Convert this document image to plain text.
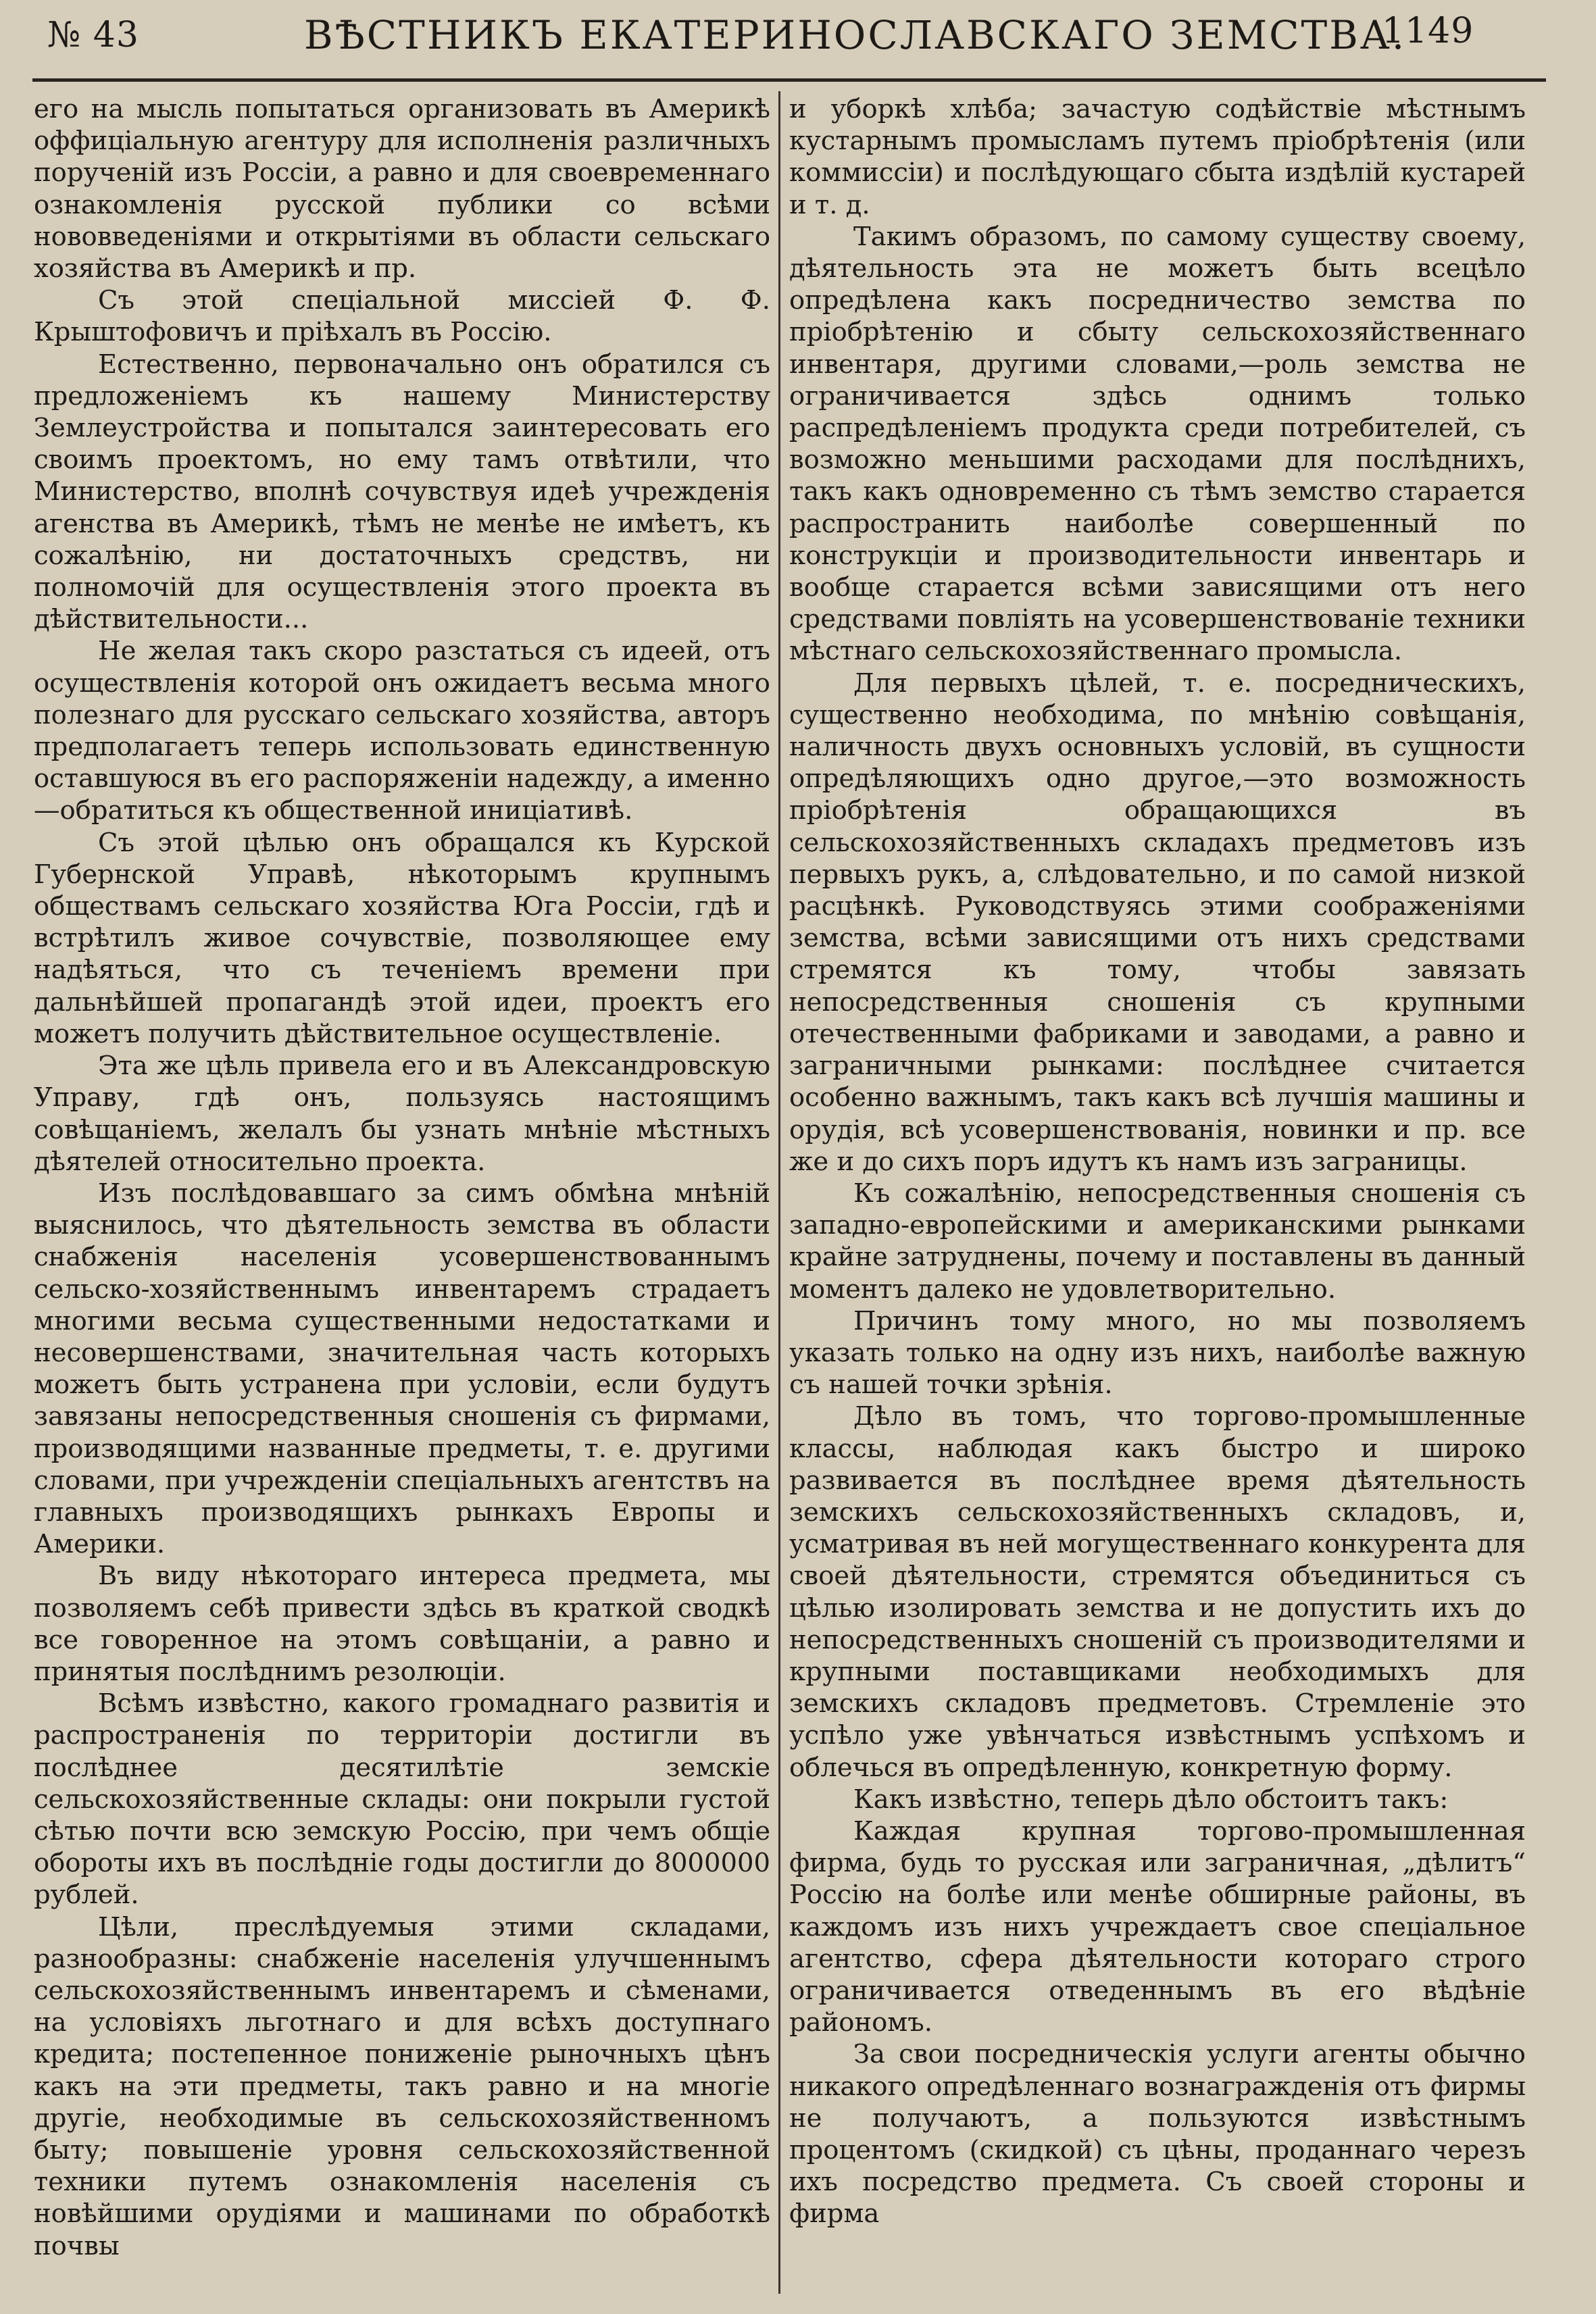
№ 43	ВѢСТНИКЪ ЕКАТЕРИНОСЛАВСКАГО ЗЕМСТВА.
1149

его на мысль попытаться организовать въ Америкѣ оффиціальную агентуру для исполненія различныхъ порученій изъ Россіи, а равно и для своевременнаго ознакомленія русской публики со всѣми нововведеніями и открытіями въ области сельскаго хозяйства въ Америкѣ и пр.

Съ этой спеціальной миссіей Ф. Ф. Крыштофовичъ и пріѣхалъ въ Россію.

Естественно, первоначально онъ обратился съ предложеніемъ къ нашему Министерству Землеустройства и попытался заинтересовать его своимъ проектомъ, но ему тамъ отвѣтили, что Министерство, вполнѣ сочувствуя идеѣ учрежденія агенства въ Америкѣ, тѣмъ не менѣе не имѣетъ, къ сожалѣнію, ни достаточныхъ средствъ, ни полномочій для осуществленія этого проекта въ дѣйствительности...

Не желая такъ скоро разстаться съ идеей, отъ осуществленія которой онъ ожидаетъ весьма много полезнаго для русскаго сельскаго хозяйства, авторъ предполагаетъ теперь использовать единственную оставшуюся въ его распоряженіи надежду, а именно—обратиться къ общественной иниціативѣ.

Съ этой цѣлью онъ обращался къ Курской Губернской Управѣ, нѣкоторымъ крупнымъ обществамъ сельскаго хозяйства Юга Россіи, гдѣ и встрѣтилъ живое сочувствіе, позволяющее ему надѣяться, что съ теченіемъ времени при дальнѣйшей пропагандѣ этой идеи, проектъ его можетъ получить дѣйствительное осуществленіе.

Эта же цѣль привела его и въ Александровскую Управу, гдѣ онъ, пользуясь настоящимъ совѣщаніемъ, желалъ бы узнать мнѣніе мѣстныхъ дѣятелей относительно проекта.

Изъ послѣдовавшаго за симъ обмѣна мнѣній выяснилось, что дѣятельность земства въ области снабженія населенія усовершенствованнымъ сельско-хозяйственнымъ инвентаремъ страдаетъ многими весьма существенными недостатками и несовершенствами, значительная часть которыхъ можетъ быть устранена при условіи, если будутъ завязаны непосредственныя сношенія съ фирмами, производящими названные предметы, т. е. другими словами, при учрежденіи спеціальныхъ агентствъ на главныхъ производящихъ рынкахъ Европы и Америки.

Въ виду нѣкотораго интереса предмета, мы позволяемъ себѣ привести здѣсь въ краткой сводкѣ все говоренное на этомъ совѣщаніи, а равно и принятыя послѣднимъ резолюціи.

Всѣмъ извѣстно, какого громаднаго развитія и распространенія по территоріи достигли въ послѣднее десятилѣтіе земскіе сельскохозяйственные склады: они покрыли густой сѣтью почти всю земскую Россію, при чемъ общіе обороты ихъ въ послѣдніе годы достигли до 8000000 рублей.

Цѣли, преслѣдуемыя этими складами, разнообразны: снабженіе населенія улучшеннымъ сельскохозяйственнымъ инвентаремъ и сѣменами, на условіяхъ льготнаго и для всѣхъ доступнаго кредита; постепенное пониженіе рыночныхъ цѣнъ какъ на эти предметы, такъ равно и на многіе другіе, необходимые въ сельскохозяйственномъ быту; повышеніе уровня сельскохозяйственной техники путемъ ознакомленія населенія съ новѣйшими орудіями и машинами по обработкѣ почвы

и уборкѣ хлѣба; зачастую содѣйствіе мѣстнымъ кустарнымъ промысламъ путемъ пріобрѣтенія (или коммиссіи) и послѣдующаго сбыта издѣлій кустарей и т. д.

Такимъ образомъ, по самому существу своему, дѣятельность эта не можетъ быть всецѣло опредѣлена какъ посредничество земства по пріобрѣтенію и сбыту сельскохозяйственнаго инвентаря, другими словами,—роль земства не ограничивается здѣсь однимъ только распредѣленіемъ продукта среди потребителей, съ возможно меньшими расходами для послѣднихъ, такъ какъ одновременно съ тѣмъ земство старается распространить наиболѣе совершенный по конструкціи и производительности инвентарь и вообще старается всѣми зависящими отъ него средствами повліять на усовершенствованіе техники мѣстнаго сельскохозяйственнаго промысла.

Для первыхъ цѣлей, т. е. посредническихъ, существенно необходима, по мнѣнію совѣщанія, наличность двухъ основныхъ условій, въ сущности опредѣляющихъ одно другое,—это возможность пріобрѣтенія обращающихся въ сельскохозяйственныхъ складахъ предметовъ изъ первыхъ рукъ, а, слѣдовательно, и по самой низкой расцѣнкѣ. Руководствуясь этими соображеніями земства, всѣми зависящими отъ нихъ средствами стремятся къ тому, чтобы завязать непосредственныя сношенія съ крупными отечественными фабриками и заводами, а равно и заграничными рынками: послѣднее считается особенно важнымъ, такъ какъ всѣ лучшія машины и орудія, всѣ усовершенствованія, новинки и пр. все же и до сихъ поръ идутъ къ намъ изъ заграницы.

Къ сожалѣнію, непосредственныя сношенія съ западно-европейскими и американскими рынками крайне затруднены, почему и поставлены въ данный моментъ далеко не удовлетворительно.

Причинъ тому много, но мы позволяемъ указать только на одну изъ нихъ, наиболѣе важную съ нашей точки зрѣнія.

Дѣло въ томъ, что торгово-промышленные классы, наблюдая какъ быстро и широко развивается въ послѣднее время дѣятельность земскихъ сельскохозяйственныхъ складовъ, и, усматривая въ ней могущественнаго конкурента для своей дѣятельности, стремятся объединиться съ цѣлью изолировать земства и не допустить ихъ до непосредственныхъ сношеній съ производителями и крупными поставщиками необходимыхъ для земскихъ складовъ предметовъ. Стремленіе это успѣло уже увѣнчаться извѣстнымъ успѣхомъ и облечься въ опредѣленную, конкретную форму.

Какъ извѣстно, теперь дѣло обстоитъ такъ:

Каждая крупная торгово-промышленная фирма, будь то русская или заграничная, „дѣлитъ“ Россію на болѣе или менѣе обширные районы, въ каждомъ изъ нихъ учреждаетъ свое спеціальное агентство, сфера дѣятельности котораго строго ограничивается отведеннымъ въ его вѣдѣніе райономъ.

За свои посредническія услуги агенты обычно никакого опредѣленнаго вознагражденія отъ фирмы не получаютъ, а пользуются извѣстнымъ процентомъ (скидкой) съ цѣны, проданнаго черезъ ихъ посредство предмета. Съ своей стороны и фирма
